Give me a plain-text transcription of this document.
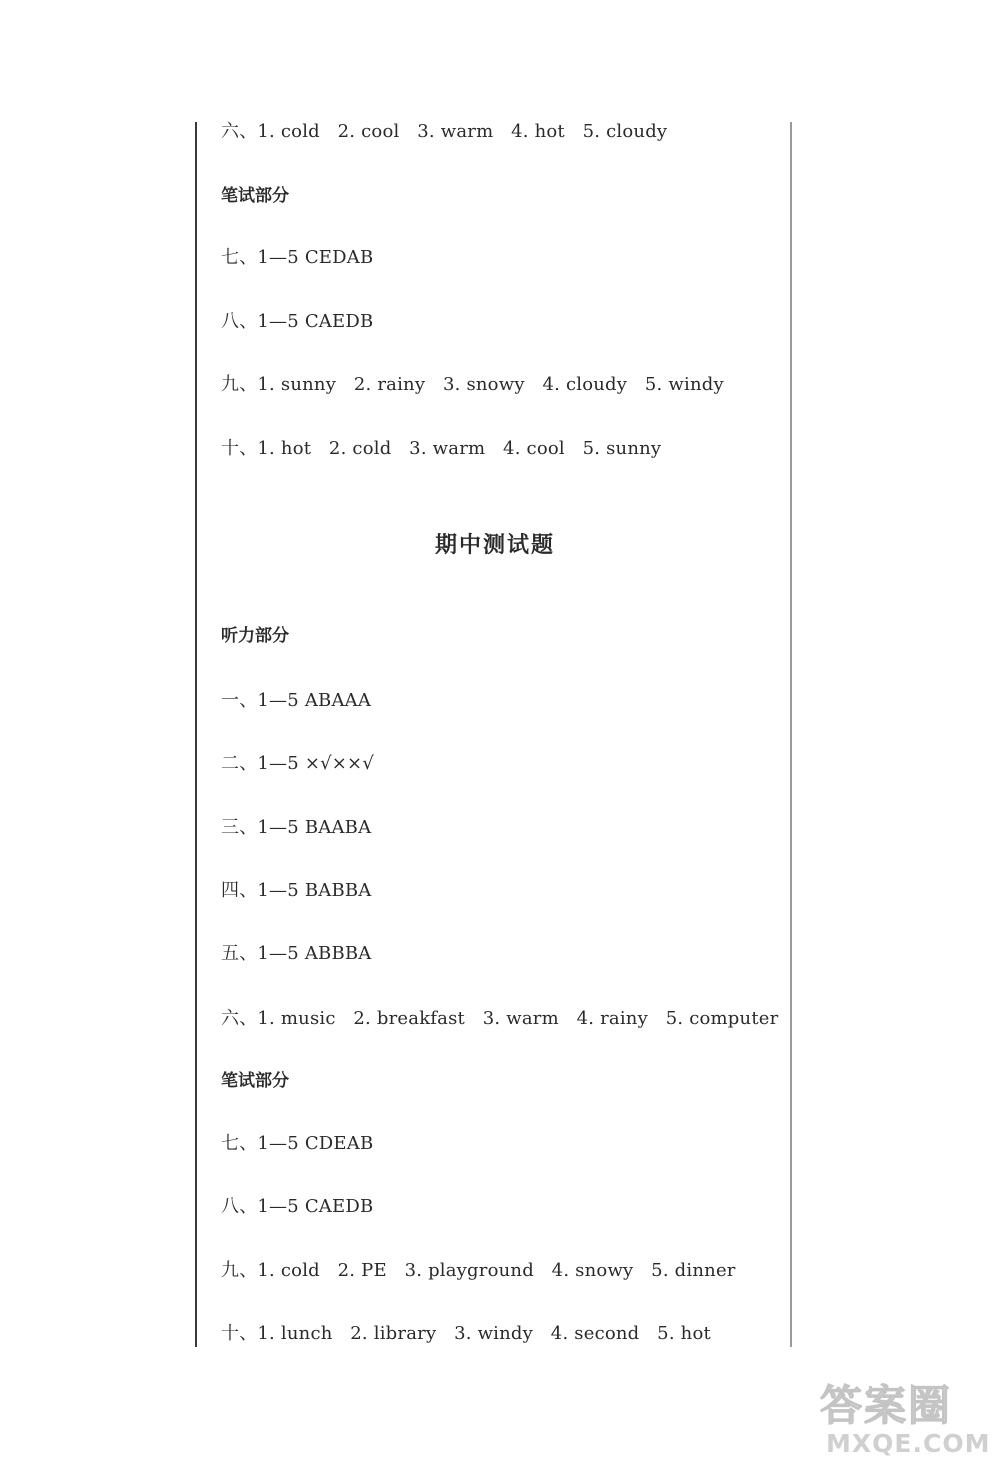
六、1. cold   2. cool   3. warm   4. hot   5. cloudy
笔试部分
七、1—5 CEDAB
八、1—5 CAEDB
九、1. sunny   2. rainy   3. snowy   4. cloudy   5. windy
十、1. hot   2. cold   3. warm   4. cool   5. sunny
期中测试题
听力部分
一、1—5 ABAAA
二、1—5 ×√××√
三、1—5 BAABA
四、1—5 BABBA
五、1—5 ABBBA
六、1. music   2. breakfast   3. warm   4. rainy   5. computer
笔试部分
七、1—5 CDEAB
八、1—5 CAEDB
九、1. cold   2. PE   3. playground   4. snowy   5. dinner
十、1. lunch   2. library   3. windy   4. second   5. hot
答案圈
MXQE.COM
